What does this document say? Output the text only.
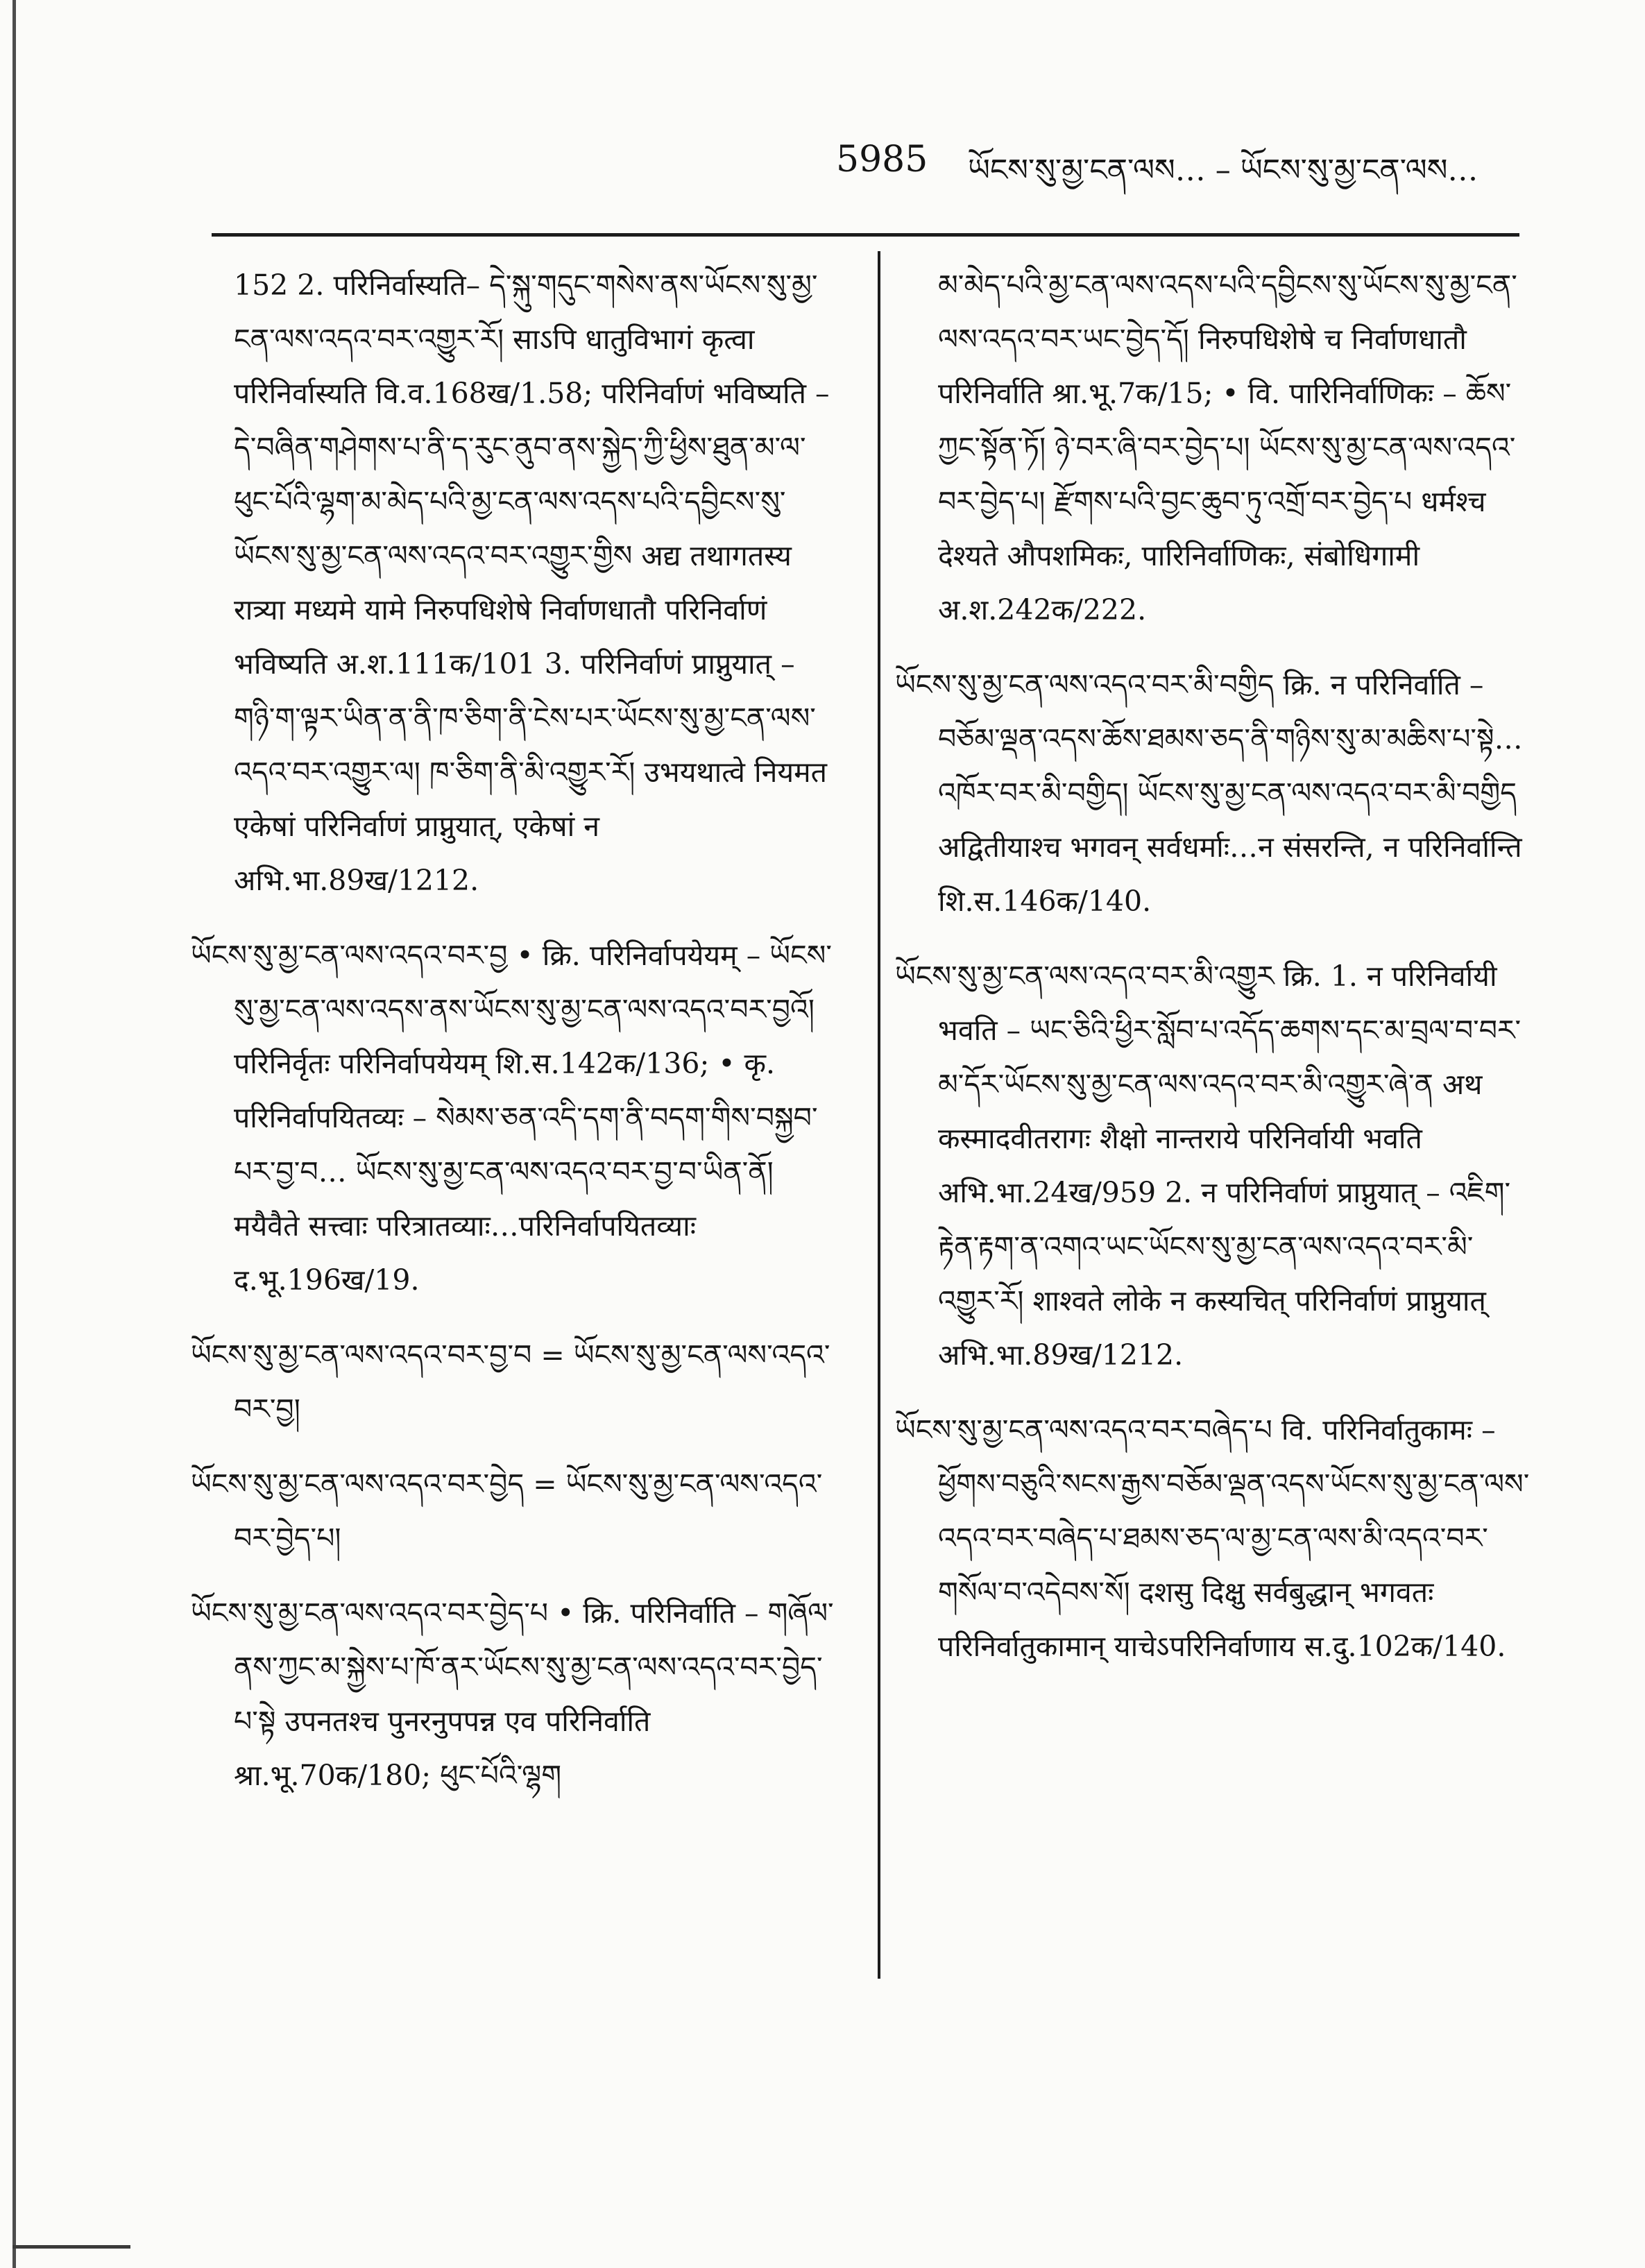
5985 ཡོངས་སུ་མྱ་ངན་ལས… – ཡོངས་སུ་མྱ་ངན་ལས…

152 2. परिनिर्वास्यति– དེ་སྐུ་གདུང་གསེས་ནས་ཡོངས་སུ་མྱ་ངན་ལས་འདའ་བར་འགྱུར་རོ། साऽपि धातुविभागं कृत्वा परिनिर्वास्यति वि.व.168ख/1.58; परिनिर्वाणं भविष्यति – དེ་བཞིན་གཤེགས་པ་ནི་ད་རུང་ནུབ་ནས་སྐྱེད་ཀྱི་ཕྱིས་ཐུན་མ་ལ་ཕུང་པོའི་ལྷག་མ་མེད་པའི་མྱ་ངན་ལས་འདས་པའི་དབྱིངས་སུ་ཡོངས་སུ་མྱ་ངན་ལས་འདའ་བར་འགྱུར་གྱིས अद्य तथागतस्य रात्र्या मध्यमे यामे निरुपधिशेषे निर्वाणधातौ परिनिर्वाणं भविष्यति अ.श.111क/101 3. परिनिर्वाणं प्राप्नुयात् – གཉི་ག་ལྟར་ཡིན་ན་ནི་ཁ་ཅིག་ནི་ངེས་པར་ཡོངས་སུ་མྱ་ངན་ལས་འདའ་བར་འགྱུར་ལ། ཁ་ཅིག་ནི་མི་འགྱུར་རོ། उभयथात्वे नियमत एकेषां परिनिर्वाणं प्राप्नुयात्, एकेषां न अभि.भा.89ख/1212.

ཡོངས་སུ་མྱ་ངན་ལས་འདའ་བར་བྱ • क्रि. परिनिर्वापयेयम् – ཡོངས་སུ་མྱ་ངན་ལས་འདས་ནས་ཡོངས་སུ་མྱ་ངན་ལས་འདའ་བར་བྱའོ། परिनिर्वृतः परिनिर्वापयेयम् शि.स.142क/136; • कृ. परिनिर्वापयितव्यः – སེམས་ཅན་འདི་དག་ནི་བདག་གིས་བསྐྱབ་པར་བྱ་བ… ཡོངས་སུ་མྱ་ངན་ལས་འདའ་བར་བྱ་བ་ཡིན་ནོ། मयैवैते सत्त्वाः परित्रातव्याः…परिनिर्वापयितव्याः द.भू.196ख/19.

ཡོངས་སུ་མྱ་ངན་ལས་འདའ་བར་བྱ་བ = ཡོངས་སུ་མྱ་ངན་ལས་འདའ་བར་བྱ།

ཡོངས་སུ་མྱ་ངན་ལས་འདའ་བར་བྱེད = ཡོངས་སུ་མྱ་ངན་ལས་འདའ་བར་བྱེད་པ།

ཡོངས་སུ་མྱ་ངན་ལས་འདའ་བར་བྱེད་པ • क्रि. परिनिर्वाति – གཞོལ་ནས་ཀྱང་མ་སྐྱེས་པ་ཁོ་ནར་ཡོངས་སུ་མྱ་ངན་ལས་འདའ་བར་བྱེད་པ་སྟེ उपनतश्च पुनरनुपपन्न एव परिनिर्वाति श्रा.भू.70क/180; ཕུང་པོའི་ལྷག

མ་མེད་པའི་མྱ་ངན་ལས་འདས་པའི་དབྱིངས་སུ་ཡོངས་སུ་མྱ་ངན་ལས་འདའ་བར་ཡང་བྱེད་དོ། निरुपधिशेषे च निर्वाणधातौ परिनिर्वाति श्रा.भू.7क/15; • वि. पारिनिर्वाणिकः – ཆོས་ཀྱང་སྟོན་ཏོ། ཉེ་བར་ཞི་བར་བྱེད་པ། ཡོངས་སུ་མྱ་ངན་ལས་འདའ་བར་བྱེད་པ། རྫོགས་པའི་བྱང་ཆུབ་ཏུ་འགྲོ་བར་བྱེད་པ धर्मश्च देश्यते औपशमिकः, पारिनिर्वाणिकः, संबोधिगामी अ.श.242क/222.

ཡོངས་སུ་མྱ་ངན་ལས་འདའ་བར་མི་བགྱིད क्रि. न परिनिर्वाति – བཅོམ་ལྡན་འདས་ཆོས་ཐམས་ཅད་ནི་གཉིས་སུ་མ་མཆིས་པ་སྟེ… འཁོར་བར་མི་བགྱིད། ཡོངས་སུ་མྱ་ངན་ལས་འདའ་བར་མི་བགྱིད अद्वितीयाश्च भगवन् सर्वधर्माः…न संसरन्ति, न परिनिर्वान्ति शि.स.146क/140.

ཡོངས་སུ་མྱ་ངན་ལས་འདའ་བར་མི་འགྱུར क्रि. 1. न परिनिर्वायी भवति – ཡང་ཅིའི་ཕྱིར་སློབ་པ་འདོད་ཆགས་དང་མ་བྲལ་བ་བར་མ་དོར་ཡོངས་སུ་མྱ་ངན་ལས་འདའ་བར་མི་འགྱུར་ཞེ་ན अथ कस्मादवीतरागः शैक्षो नान्तराये परिनिर्वायी भवति अभि.भा.24ख/959 2. न परिनिर्वाणं प्राप्नुयात् – འཇིག་རྟེན་རྟག་ན་འགའ་ཡང་ཡོངས་སུ་མྱ་ངན་ལས་འདའ་བར་མི་འགྱུར་རོ། शाश्वते लोके न कस्यचित् परिनिर्वाणं प्राप्नुयात् अभि.भा.89ख/1212.

ཡོངས་སུ་མྱ་ངན་ལས་འདའ་བར་བཞེད་པ वि. परिनिर्वातुकामः – ཕྱོགས་བཅུའི་སངས་རྒྱས་བཅོམ་ལྡན་འདས་ཡོངས་སུ་མྱ་ངན་ལས་འདའ་བར་བཞེད་པ་ཐམས་ཅད་ལ་མྱ་ངན་ལས་མི་འདའ་བར་གསོལ་བ་འདེབས་སོ། दशसु दिक्षु सर्वबुद्धान् भगवतः परिनिर्वातुकामान् याचेऽपरिनिर्वाणाय स.दु.102क/140.
